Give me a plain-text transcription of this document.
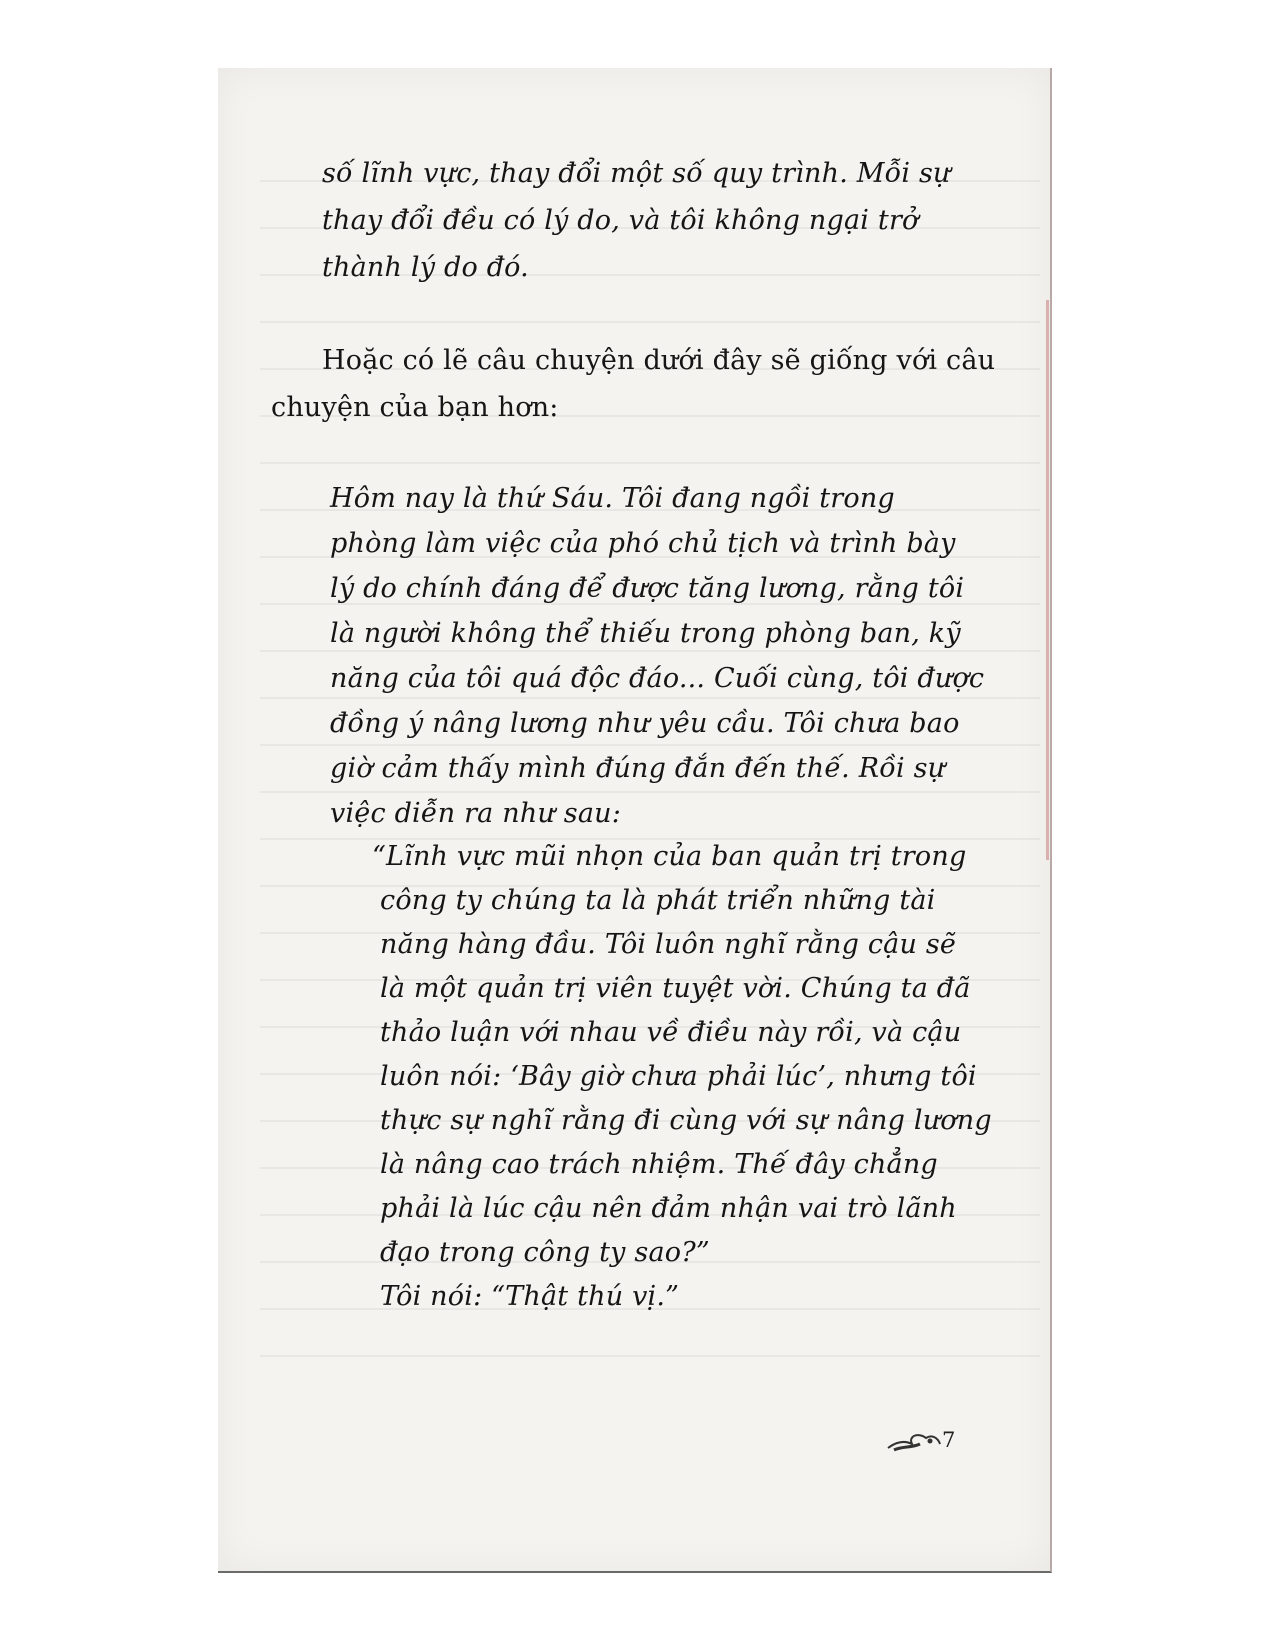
số lĩnh vực, thay đổi một số quy trình. Mỗi sự
thay đổi đều có lý do, và tôi không ngại trở
thành lý do đó.
Hoặc có lẽ câu chuyện dưới đây sẽ giống với câu
chuyện của bạn hơn:
Hôm nay là thứ Sáu. Tôi đang ngồi trong
phòng làm việc của phó chủ tịch và trình bày
lý do chính đáng để được tăng lương, rằng tôi
là người không thể thiếu trong phòng ban, kỹ
năng của tôi quá độc đáo... Cuối cùng, tôi được
đồng ý nâng lương như yêu cầu. Tôi chưa bao
giờ cảm thấy mình đúng đắn đến thế. Rồi sự
việc diễn ra như sau:
“Lĩnh vực mũi nhọn của ban quản trị trong
công ty chúng ta là phát triển những tài
năng hàng đầu. Tôi luôn nghĩ rằng cậu sẽ
là một quản trị viên tuyệt vời. Chúng ta đã
thảo luận với nhau về điều này rồi, và cậu
luôn nói: ‘Bây giờ chưa phải lúc’, nhưng tôi
thực sự nghĩ rằng đi cùng với sự nâng lương
là nâng cao trách nhiệm. Thế đây chẳng
phải là lúc cậu nên đảm nhận vai trò lãnh
đạo trong công ty sao?”
Tôi nói: “Thật thú vị.”
7
